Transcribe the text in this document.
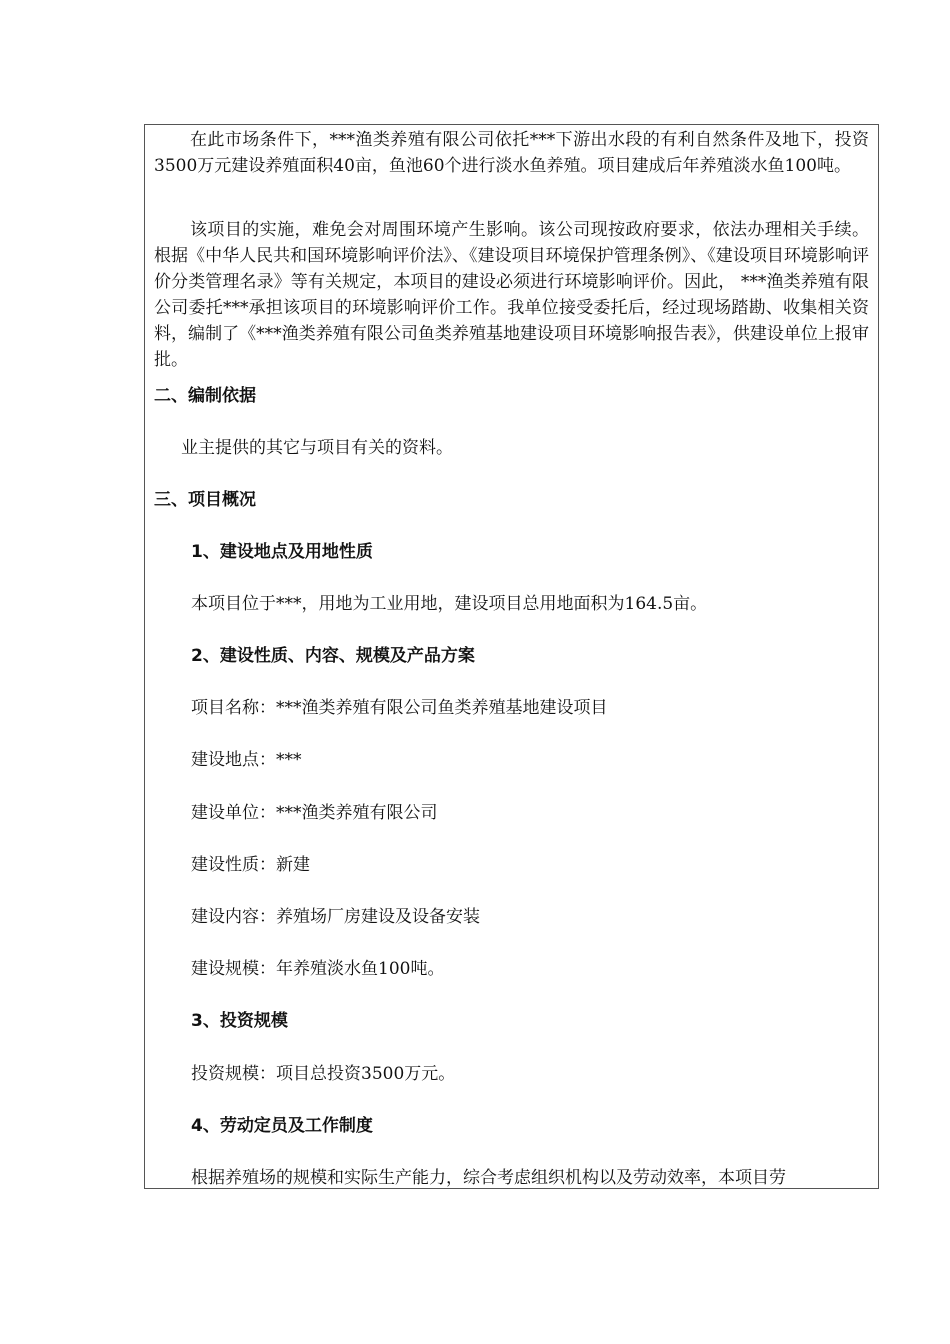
在此市场条件下，***渔类养殖有限公司依托***下游出水段的有利自然条件及地下，投资3500万元建设养殖面积40亩，鱼池60个进行淡水鱼养殖。项目建成后年养殖淡水鱼100吨。

该项目的实施，难免会对周围环境产生影响。该公司现按政府要求，依法办理相关手续。根据《中华人民共和国环境影响评价法》、《建设项目环境保护管理条例》、《建设项目环境影响评价分类管理名录》等有关规定，本项目的建设必须进行环境影响评价。因此， ***渔类养殖有限公司委托***承担该项目的环境影响评价工作。我单位接受委托后，经过现场踏勘、收集相关资料，编制了《***渔类养殖有限公司鱼类养殖基地建设项目环境影响报告表》，供建设单位上报审批。

二、编制依据

业主提供的其它与项目有关的资料。

三、项目概况

1、建设地点及用地性质

本项目位于***，用地为工业用地，建设项目总用地面积为164.5亩。

2、建设性质、内容、规模及产品方案

项目名称：***渔类养殖有限公司鱼类养殖基地建设项目

建设地点：***

建设单位：***渔类养殖有限公司

建设性质：新建

建设内容：养殖场厂房建设及设备安装

建设规模：年养殖淡水鱼100吨。

3、投资规模

投资规模：项目总投资3500万元。

4、劳动定员及工作制度

根据养殖场的规模和实际生产能力，综合考虑组织机构以及劳动效率，本项目劳
